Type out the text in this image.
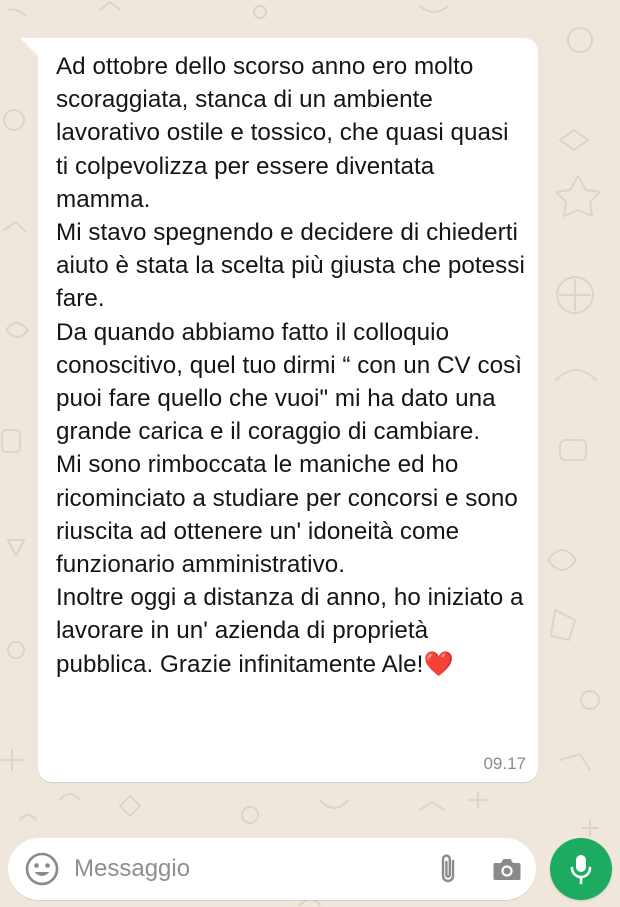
Ad ottobre dello scorso anno ero molto scoraggiata, stanca di un ambiente lavorativo ostile e tossico, che quasi quasi ti colpevolizza per essere diventata mamma.
Mi stavo spegnendo e decidere di chiederti aiuto è stata la scelta più giusta che potessi fare.
Da quando abbiamo fatto il colloquio conoscitivo, quel tuo dirmi “ con un CV così puoi fare quello che vuoi" mi ha dato una grande carica e il coraggio di cambiare.
Mi sono rimboccata le maniche ed ho ricominciato a studiare per concorsi e sono riuscita ad ottenere un' idoneità come funzionario amministrativo.
Inoltre oggi a distanza di anno, ho iniziato a lavorare in un' azienda di proprietà pubblica. Grazie infinitamente Ale!❤️

09.17
Messaggio
